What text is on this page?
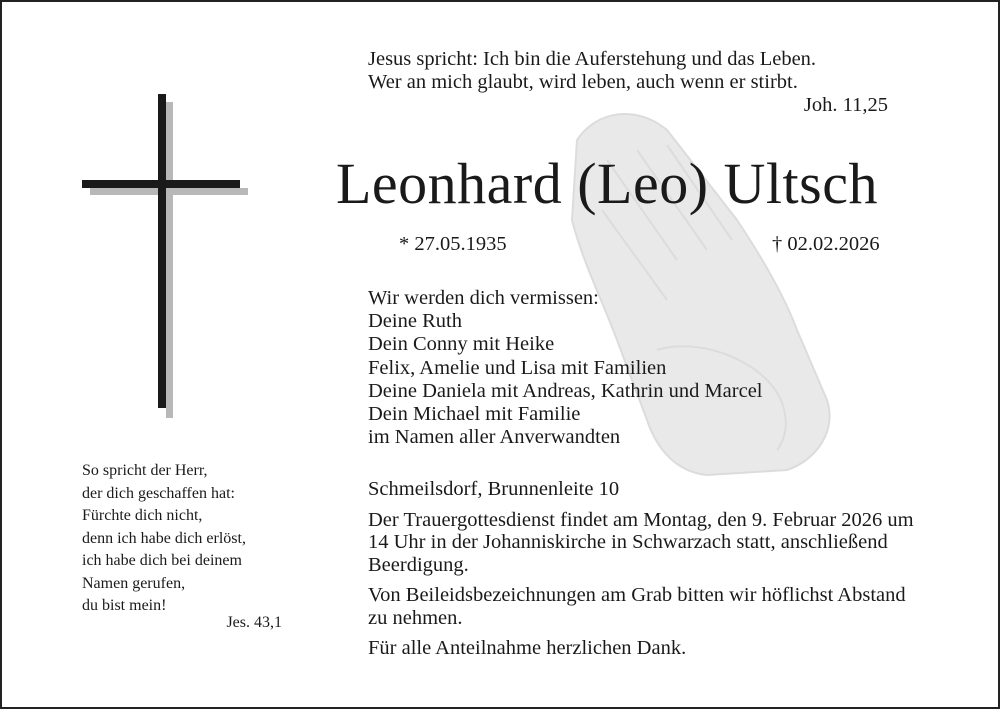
Jesus spricht: Ich bin die Auferstehung und das Leben.
Wer an mich glaubt, wird leben, auch wenn er stirbt.
Joh. 11,25
Leonhard (Leo) Ultsch
* 27.05.1935	† 02.02.2026
Wir werden dich vermissen:
Deine Ruth
Dein Conny mit Heike
Felix, Amelie und Lisa mit Familien
Deine Daniela mit Andreas, Kathrin und Marcel
Dein Michael mit Familie
im Namen aller Anverwandten

Schmeilsdorf, Brunnenleite 10

Der Trauergottesdienst findet am Montag, den 9. Februar 2026 um 14 Uhr in der Johanniskirche in Schwarzach statt, anschließend Beerdigung.

Von Beileidsbezeichnungen am Grab bitten wir höflichst Abstand zu nehmen.

Für alle Anteilnahme herzlichen Dank.

So spricht der Herr,
der dich geschaffen hat:
Fürchte dich nicht,
denn ich habe dich erlöst,
ich habe dich bei deinem
Namen gerufen,
du bist mein!
Jes. 43,1
